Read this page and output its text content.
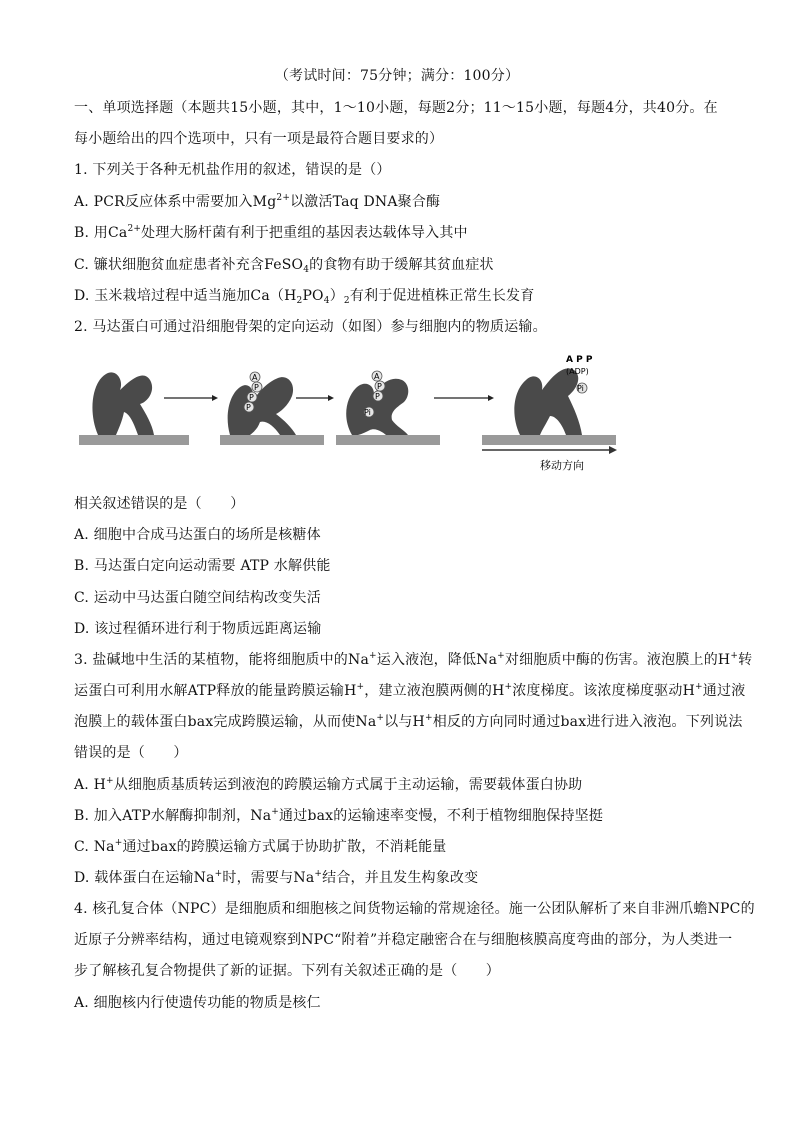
（考试时间：75分钟；满分：100分）
一、单项选择题（本题共15小题，其中，1～10小题，每题2分；11～15小题，每题4分，共40分。在
每小题给出的四个选项中，只有一项是最符合题目要求的）
1. 下列关于各种无机盐作用的叙述，错误的是（）
A. PCR反应体系中需要加入$Mg^{2+}$以激活Taq DNA聚合酶
B. 用$Ca^{2+}$处理大肠杆菌有利于把重组的基因表达载体导入其中
C. 镰状细胞贫血症患者补充含FeSO$_4$的食物有助于缓解其贫血症状
D. 玉米栽培过程中适当施加$Ca(H_2PO_4)_2$有利于促进植株正常生长发育
2. 马达蛋白可通过沿细胞骨架的定向运动（如图）参与细胞内的物质运输。
A
P
P
P
A
P
P
Pi
A P P
(ADP)
Pi
移动方向
相关叙述错误的是（　　）
A. 细胞中合成马达蛋白的场所是核糖体
B. 马达蛋白定向运动需要 ATP 水解供能
C. 运动中马达蛋白随空间结构改变失活
D. 该过程循环进行利于物质远距离运输
3. 盐碱地中生活的某植物，能将细胞质中的Na+运入液泡，降低Na+对细胞质中酶的伤害。液泡膜上的H+转
运蛋白可利用水解ATP释放的能量跨膜运输H+，建立液泡膜两侧的H+浓度梯度。该浓度梯度驱动H+通过液
泡膜上的载体蛋白bax完成跨膜运输，从而使Na+以与H+相反的方向同时通过bax进行进入液泡。下列说法
错误的是（　　）
A. H+从细胞质基质转运到液泡的跨膜运输方式属于主动运输，需要载体蛋白协助
B. 加入ATP水解酶抑制剂，Na+通过bax的运输速率变慢，不利于植物细胞保持坚挺
C. Na+通过bax的跨膜运输方式属于协助扩散，不消耗能量
D. 载体蛋白在运输Na+时，需要与Na+结合，并且发生构象改变
4. 核孔复合体（NPC）是细胞质和细胞核之间货物运输的常规途径。施一公团队解析了来自非洲爪蟾NPC的
近原子分辨率结构，通过电镜观察到NPC“附着”并稳定融密合在与细胞核膜高度弯曲的部分，为人类进一
步了解核孔复合物提供了新的证据。下列有关叙述正确的是（　　）
A. 细胞核内行使遗传功能的物质是核仁
